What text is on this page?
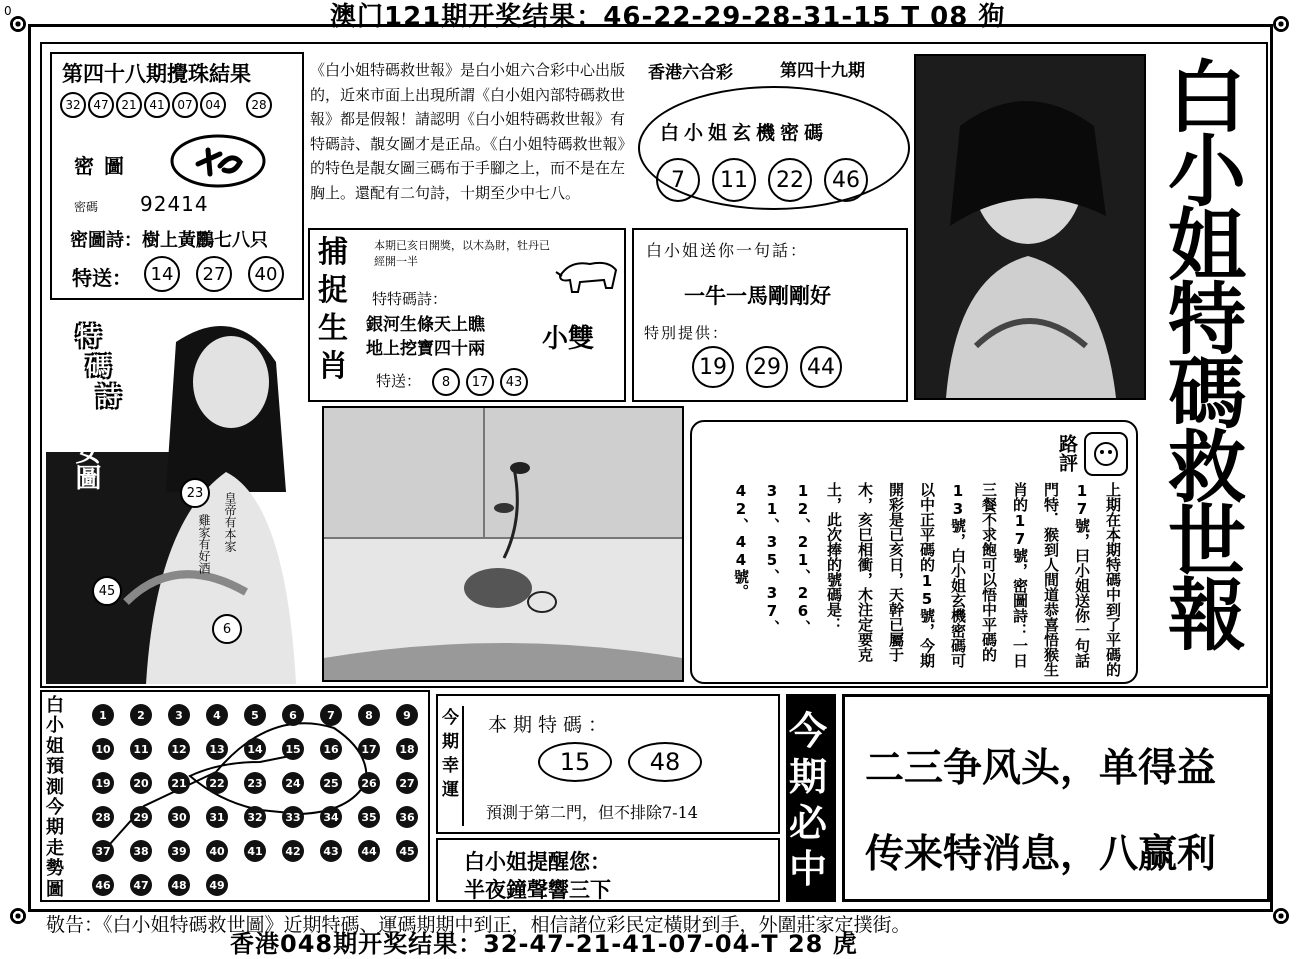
澳门121期开奖结果：46-22-29-28-31-15 T 08 狗
0
第四十八期攪珠結果
32	47	21	41	07	04	28
密圖
密碼 92414
密圖詩：樹上黃鸝七八只
特送：	14	27	40
《白小姐特碼救世報》是白小姐六合彩中心出版的，近來市面上出現所謂《白小姐內部特碼救世報》都是假報！請認明《白小姐特碼救世報》有特碼詩、靚女圖才是正品。《白小姐特碼救世報》的特色是靚女圖三碼布于手腳之上，而不是在左胸上。還配有二句詩，十期至少中七八。
香港六合彩	第四十九期
白小姐玄機密碼
7	11	22	46	白小姐特碼救世報
捕
捉
生
肖
本期已亥日開獎，以木為財，牡丹已經開一半
特特碼詩：
銀河生條天上瞧
地上挖寶四十兩 小雙
特送：	8	17	43
白小姐送你一句話：
一牛一馬剛剛好
特別提供：
19	29	44
特
碼
詩
靚女圖
23
45
6
皇帝有本家
雞家有好酒
路評
上期在本期特碼中到了平碼的17號，曰小姐送你一句話門特．猴到人間道恭喜悟猴生肖的17號，密圖詩：一日三餐不求飽可以悟中平碼的13號，白小姐玄機密碼可以中正平碼的15號，今期開彩是已亥日，天幹已屬于木，亥巳相衝，木注定要克土，此次捧的號碼是：12、21、26、31、35、37、42、44號。
白
小
姐
預
測
今
期
走
勢
圖
1	2	3	4	5	6	7	8	9
10	11	12	13	14	15	16	17	18
19	20	21	22	23	24	25	26	27
28	29	30	31	32	33	34	35	36
37	38	39	40	41	42	43	44	45
46	47	48	49
今
期
幸
運
本期特碼：
15	48
預測于第二門，但不排除7-14
白小姐提醒您：
半夜鐘聲響三下
今
期
必
中
二三争风头，单得益
传来特消息，八赢利
敬告：《白小姐特碼救世圖》近期特碼、運碼期期中到正，相信諸位彩民定橫財到手，外圍莊家定撲街。
香港048期开奖结果：32-47-21-41-07-04-T 28 虎
